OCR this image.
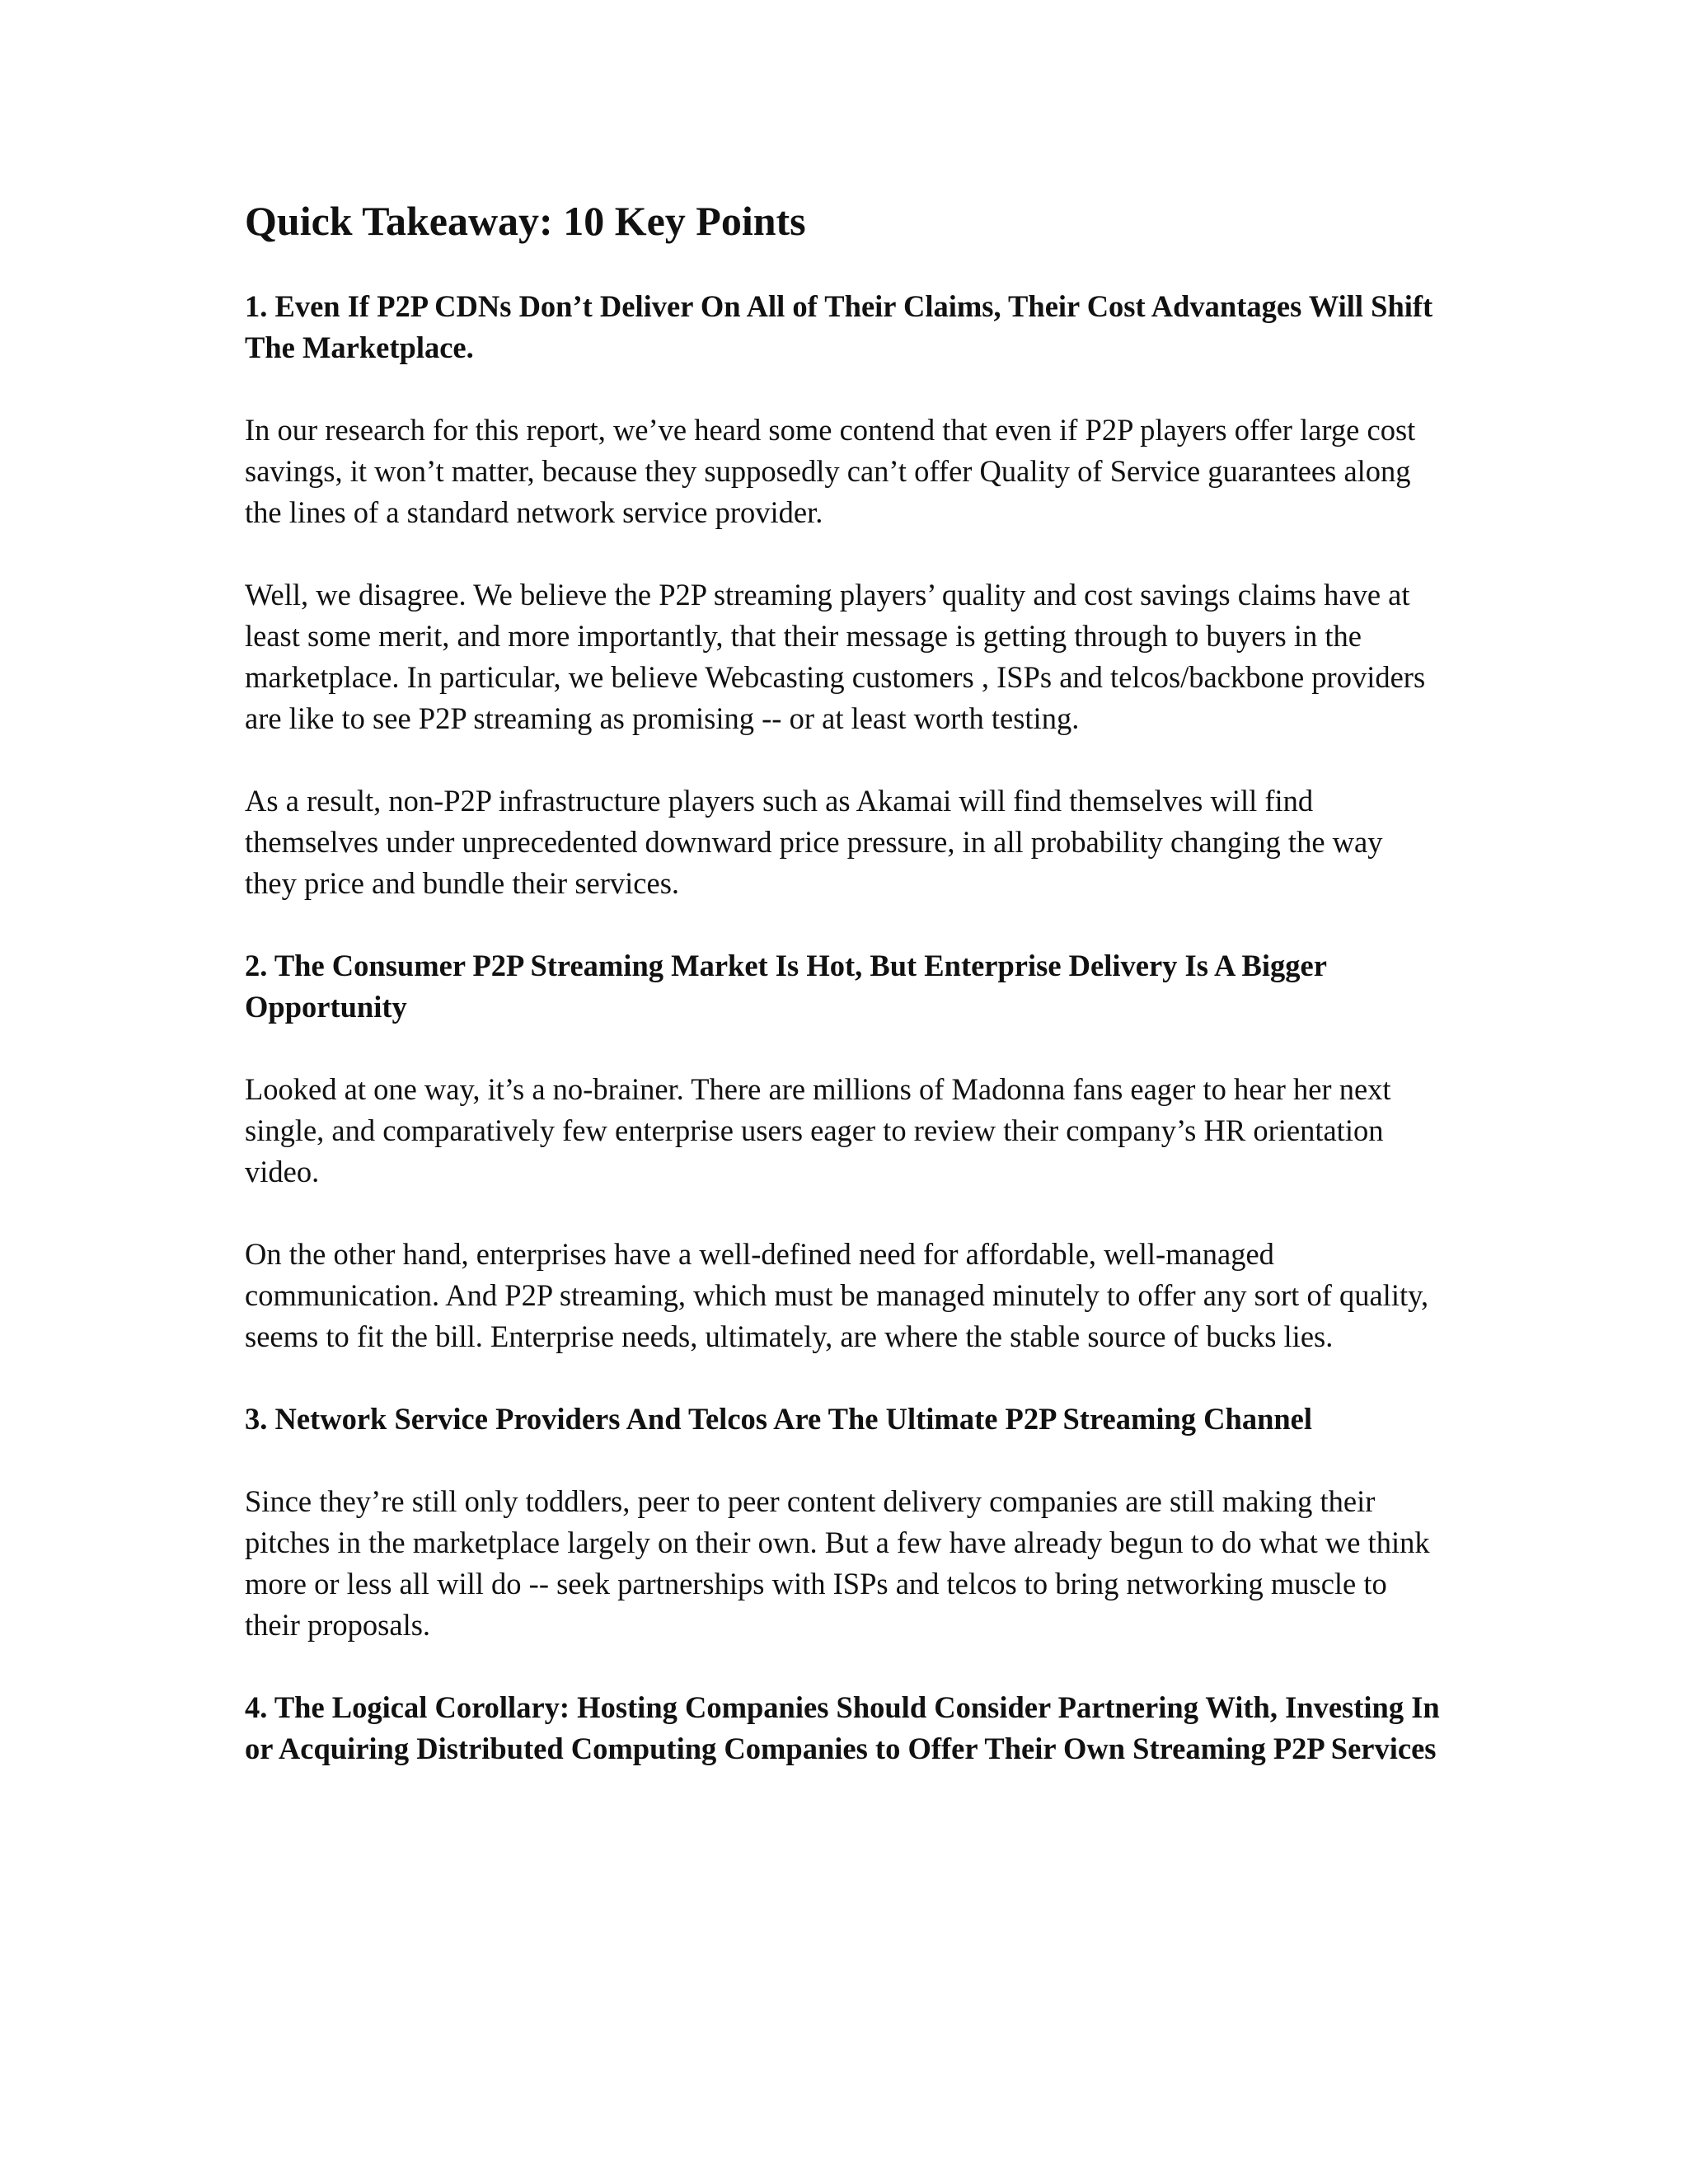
Quick Takeaway: 10 Key Points
1. Even If P2P CDNs Don’t Deliver On All of Their Claims, Their Cost Advantages Will Shift The Marketplace.

In our research for this report, we’ve heard some contend that even if P2P players offer large cost savings, it won’t matter, because they supposedly can’t offer Quality of Service guarantees along the lines of a standard network service provider.

Well, we disagree. We believe the P2P streaming players’ quality and cost savings claims have at least some merit, and more importantly, that their message is getting through to buyers in the marketplace. In particular, we believe Webcasting customers , ISPs and telcos/backbone providers are like to see P2P streaming as promising -- or at least worth testing.

As a result, non-P2P infrastructure players such as Akamai will find themselves will find themselves under unprecedented downward price pressure, in all probability changing the way they price and bundle their services.

2. The Consumer P2P Streaming Market Is Hot, But Enterprise Delivery Is A Bigger Opportunity

Looked at one way, it’s a no-brainer. There are millions of Madonna fans eager to hear her next single, and comparatively few enterprise users eager to review their company’s HR orientation video.

On the other hand, enterprises have a well-defined need for affordable, well-managed communication. And P2P streaming, which must be managed minutely to offer any sort of quality, seems to fit the bill. Enterprise needs, ultimately, are where the stable source of bucks lies.

3. Network Service Providers And Telcos Are The Ultimate P2P Streaming Channel

Since they’re still only toddlers, peer to peer content delivery companies are still making their pitches in the marketplace largely on their own. But a few have already begun to do what we think more or less all will do -- seek partnerships with ISPs and telcos to bring networking muscle to their proposals.

4. The Logical Corollary: Hosting Companies Should Consider Partnering With, Investing In or Acquiring Distributed Computing Companies to Offer Their Own Streaming P2P Services
